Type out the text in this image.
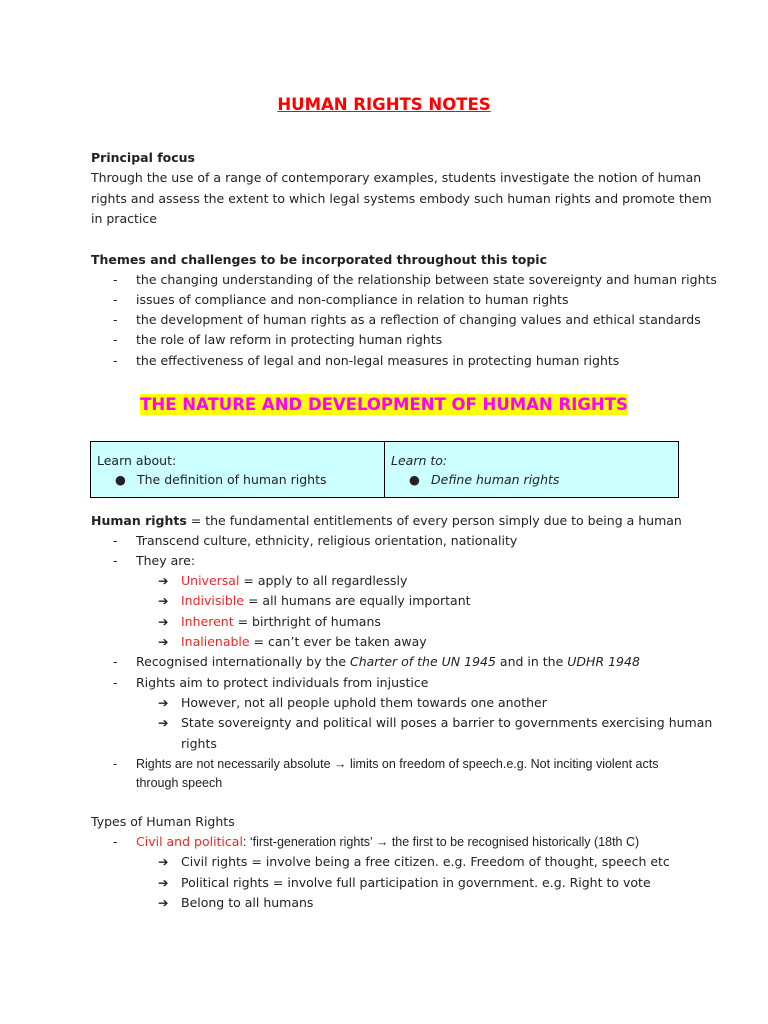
HUMAN RIGHTS NOTES
Principal focus
Through the use of a range of contemporary examples, students investigate the notion of human
rights and assess the extent to which legal systems embody such human rights and promote them
in practice
Themes and challenges to be incorporated throughout this topic
- the changing understanding of the relationship between state sovereignty and human rights
- issues of compliance and non-compliance in relation to human rights
- the development of human rights as a reflection of changing values and ethical standards
- the role of law reform in protecting human rights
- the effectiveness of legal and non-legal measures in protecting human rights
THE NATURE AND DEVELOPMENT OF HUMAN RIGHTS
Learn about:
● The definition of human rights

Learn to:
● Define human rights
Human rights = the fundamental entitlements of every person simply due to being a human
- Transcend culture, ethnicity, religious orientation, nationality
- They are:
➔ Universal = apply to all regardlessly
➔ Indivisible = all humans are equally important
➔ Inherent = birthright of humans
➔ Inalienable = can’t ever be taken away
- Recognised internationally by the Charter of the UN 1945 and in the UDHR 1948
- Rights aim to protect individuals from injustice
➔ However, not all people uphold them towards one another
➔ State sovereignty and political will poses a barrier to governments exercising human
rights
- Rights are not necessarily absolute → limits on freedom of speech.e.g. Not inciting violent acts
through speech
Types of Human Rights
- Civil and political: ‘first-generation rights’ → the first to be recognised historically (18th C)
➔ Civil rights = involve being a free citizen. e.g. Freedom of thought, speech etc
➔ Political rights = involve full participation in government. e.g. Right to vote
➔ Belong to all humans
